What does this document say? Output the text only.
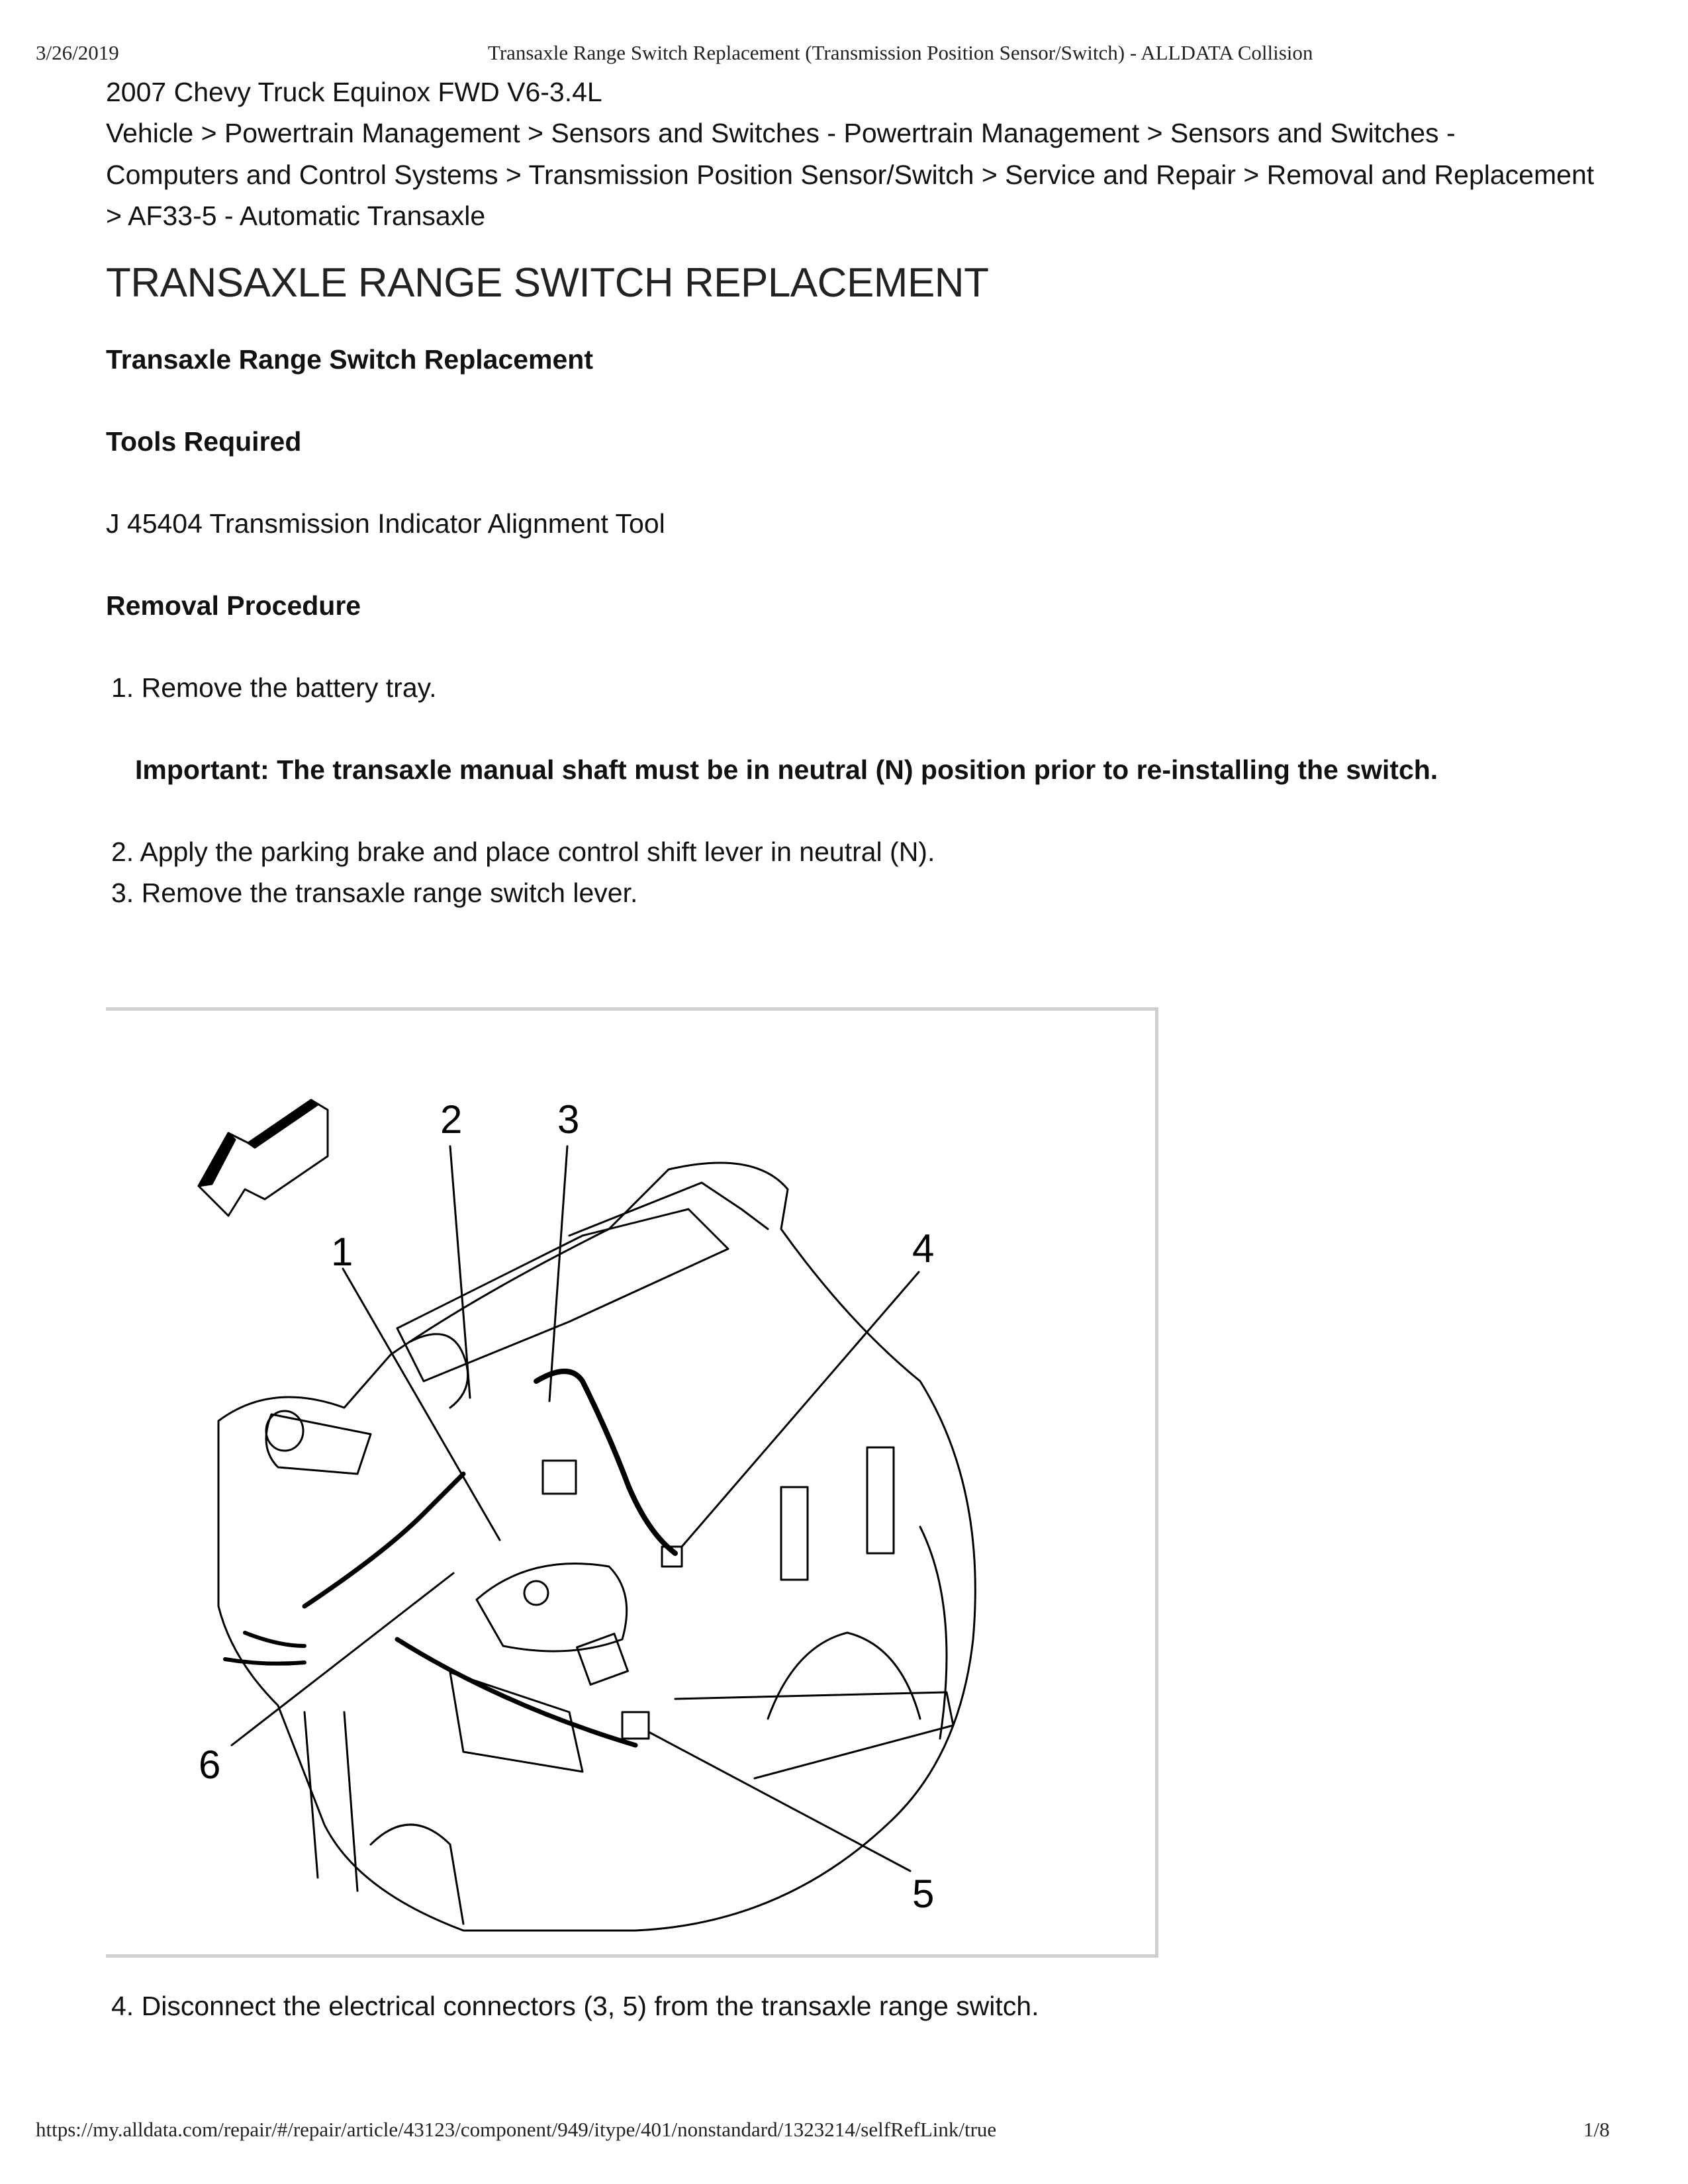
3/26/2019	Transaxle Range Switch Replacement (Transmission Position Sensor/Switch) - ALLDATA Collision

2007 Chevy Truck Equinox FWD V6-3.4L

Vehicle > Powertrain Management > Sensors and Switches - Powertrain Management > Sensors and Switches - Computers and Control Systems > Transmission Position Sensor/Switch > Service and Repair > Removal and Replacement > AF33-5 - Automatic Transaxle

TRANSAXLE RANGE SWITCH REPLACEMENT
Transaxle Range Switch Replacement
Tools Required

J 45404 Transmission Indicator Alignment Tool

Removal Procedure
1. Remove the battery tray.
Important: The transaxle manual shaft must be in neutral (N) position prior to re-installing the switch.
2. Apply the parking brake and place control shift lever in neutral (N).
3. Remove the transaxle range switch lever.
1
2 3
4
5
6
4. Disconnect the electrical connectors (3, 5) from the transaxle range switch.
https://my.alldata.com/repair/#/repair/article/43123/component/949/itype/401/nonstandard/1323214/selfRefLink/true	1/8
